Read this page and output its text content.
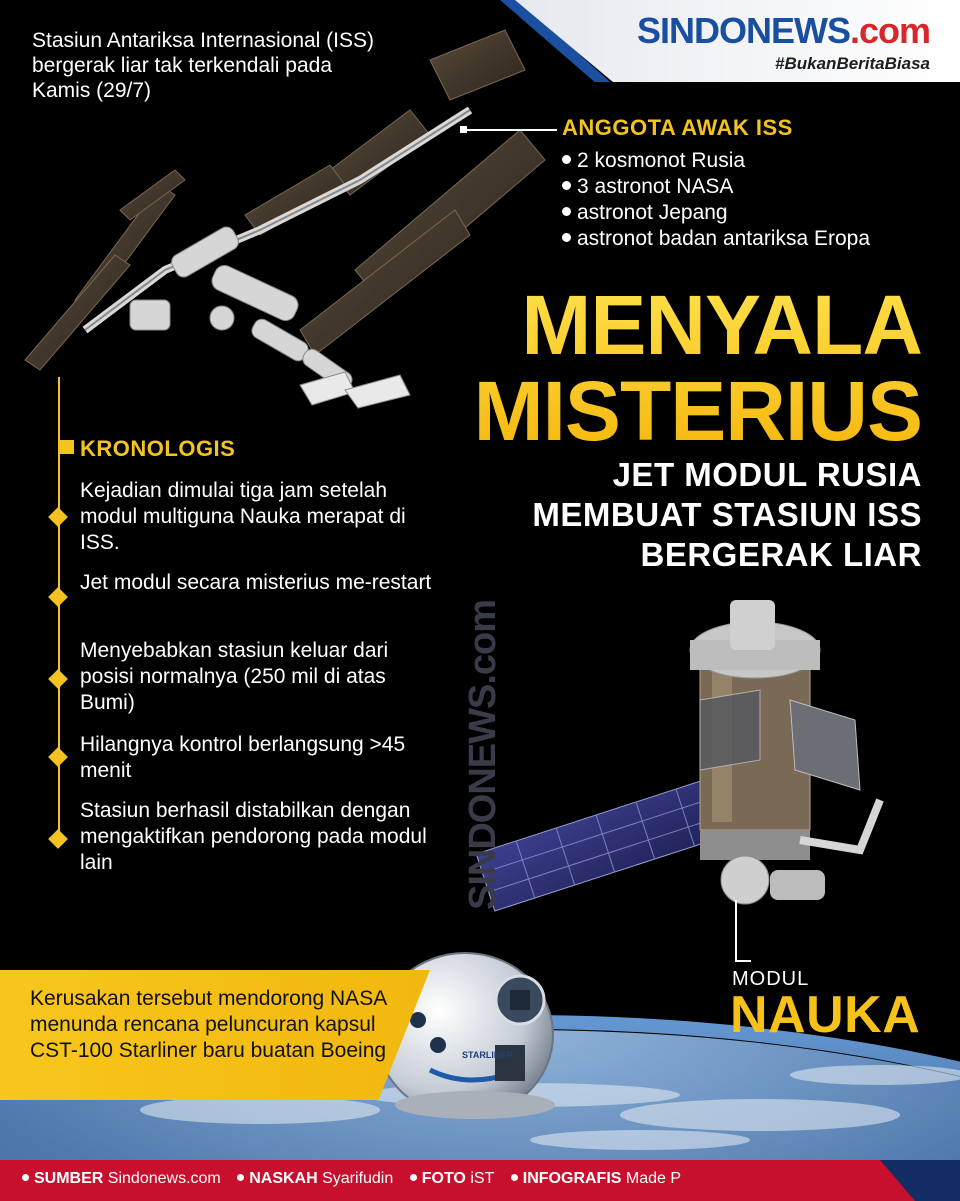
STARLINER
SINDONEWS.com
#BukanBeritaBiasa
Stasiun Antariksa Internasional (ISS) bergerak liar tak terkendali pada Kamis (29/7)
ANGGOTA AWAK ISS
2 kosmonot Rusia
3 astronot NASA
astronot Jepang
astronot badan antariksa Eropa
MENYALA
MISTERIUS
JET MODUL RUSIA
MEMBUAT STASIUN ISS
BERGERAK LIAR
KRONOLOGIS
Kejadian dimulai tiga jam setelah modul multiguna Nauka merapat di ISS.
Jet modul secara misterius me-restart
Menyebabkan stasiun keluar dari posisi normalnya (250 mil di atas Bumi)
Hilangnya kontrol berlangsung >45 menit
Stasiun berhasil distabilkan dengan mengaktifkan pendorong pada modul lain	SINDONEWS.com
MODUL
NAUKA
Kerusakan tersebut mendorong NASA menunda rencana peluncuran kapsul CST-100 Starliner baru buatan Boeing
SUMBER Sindonews.com NASKAH Syarifudin FOTO iST INFOGRAFIS Made P
